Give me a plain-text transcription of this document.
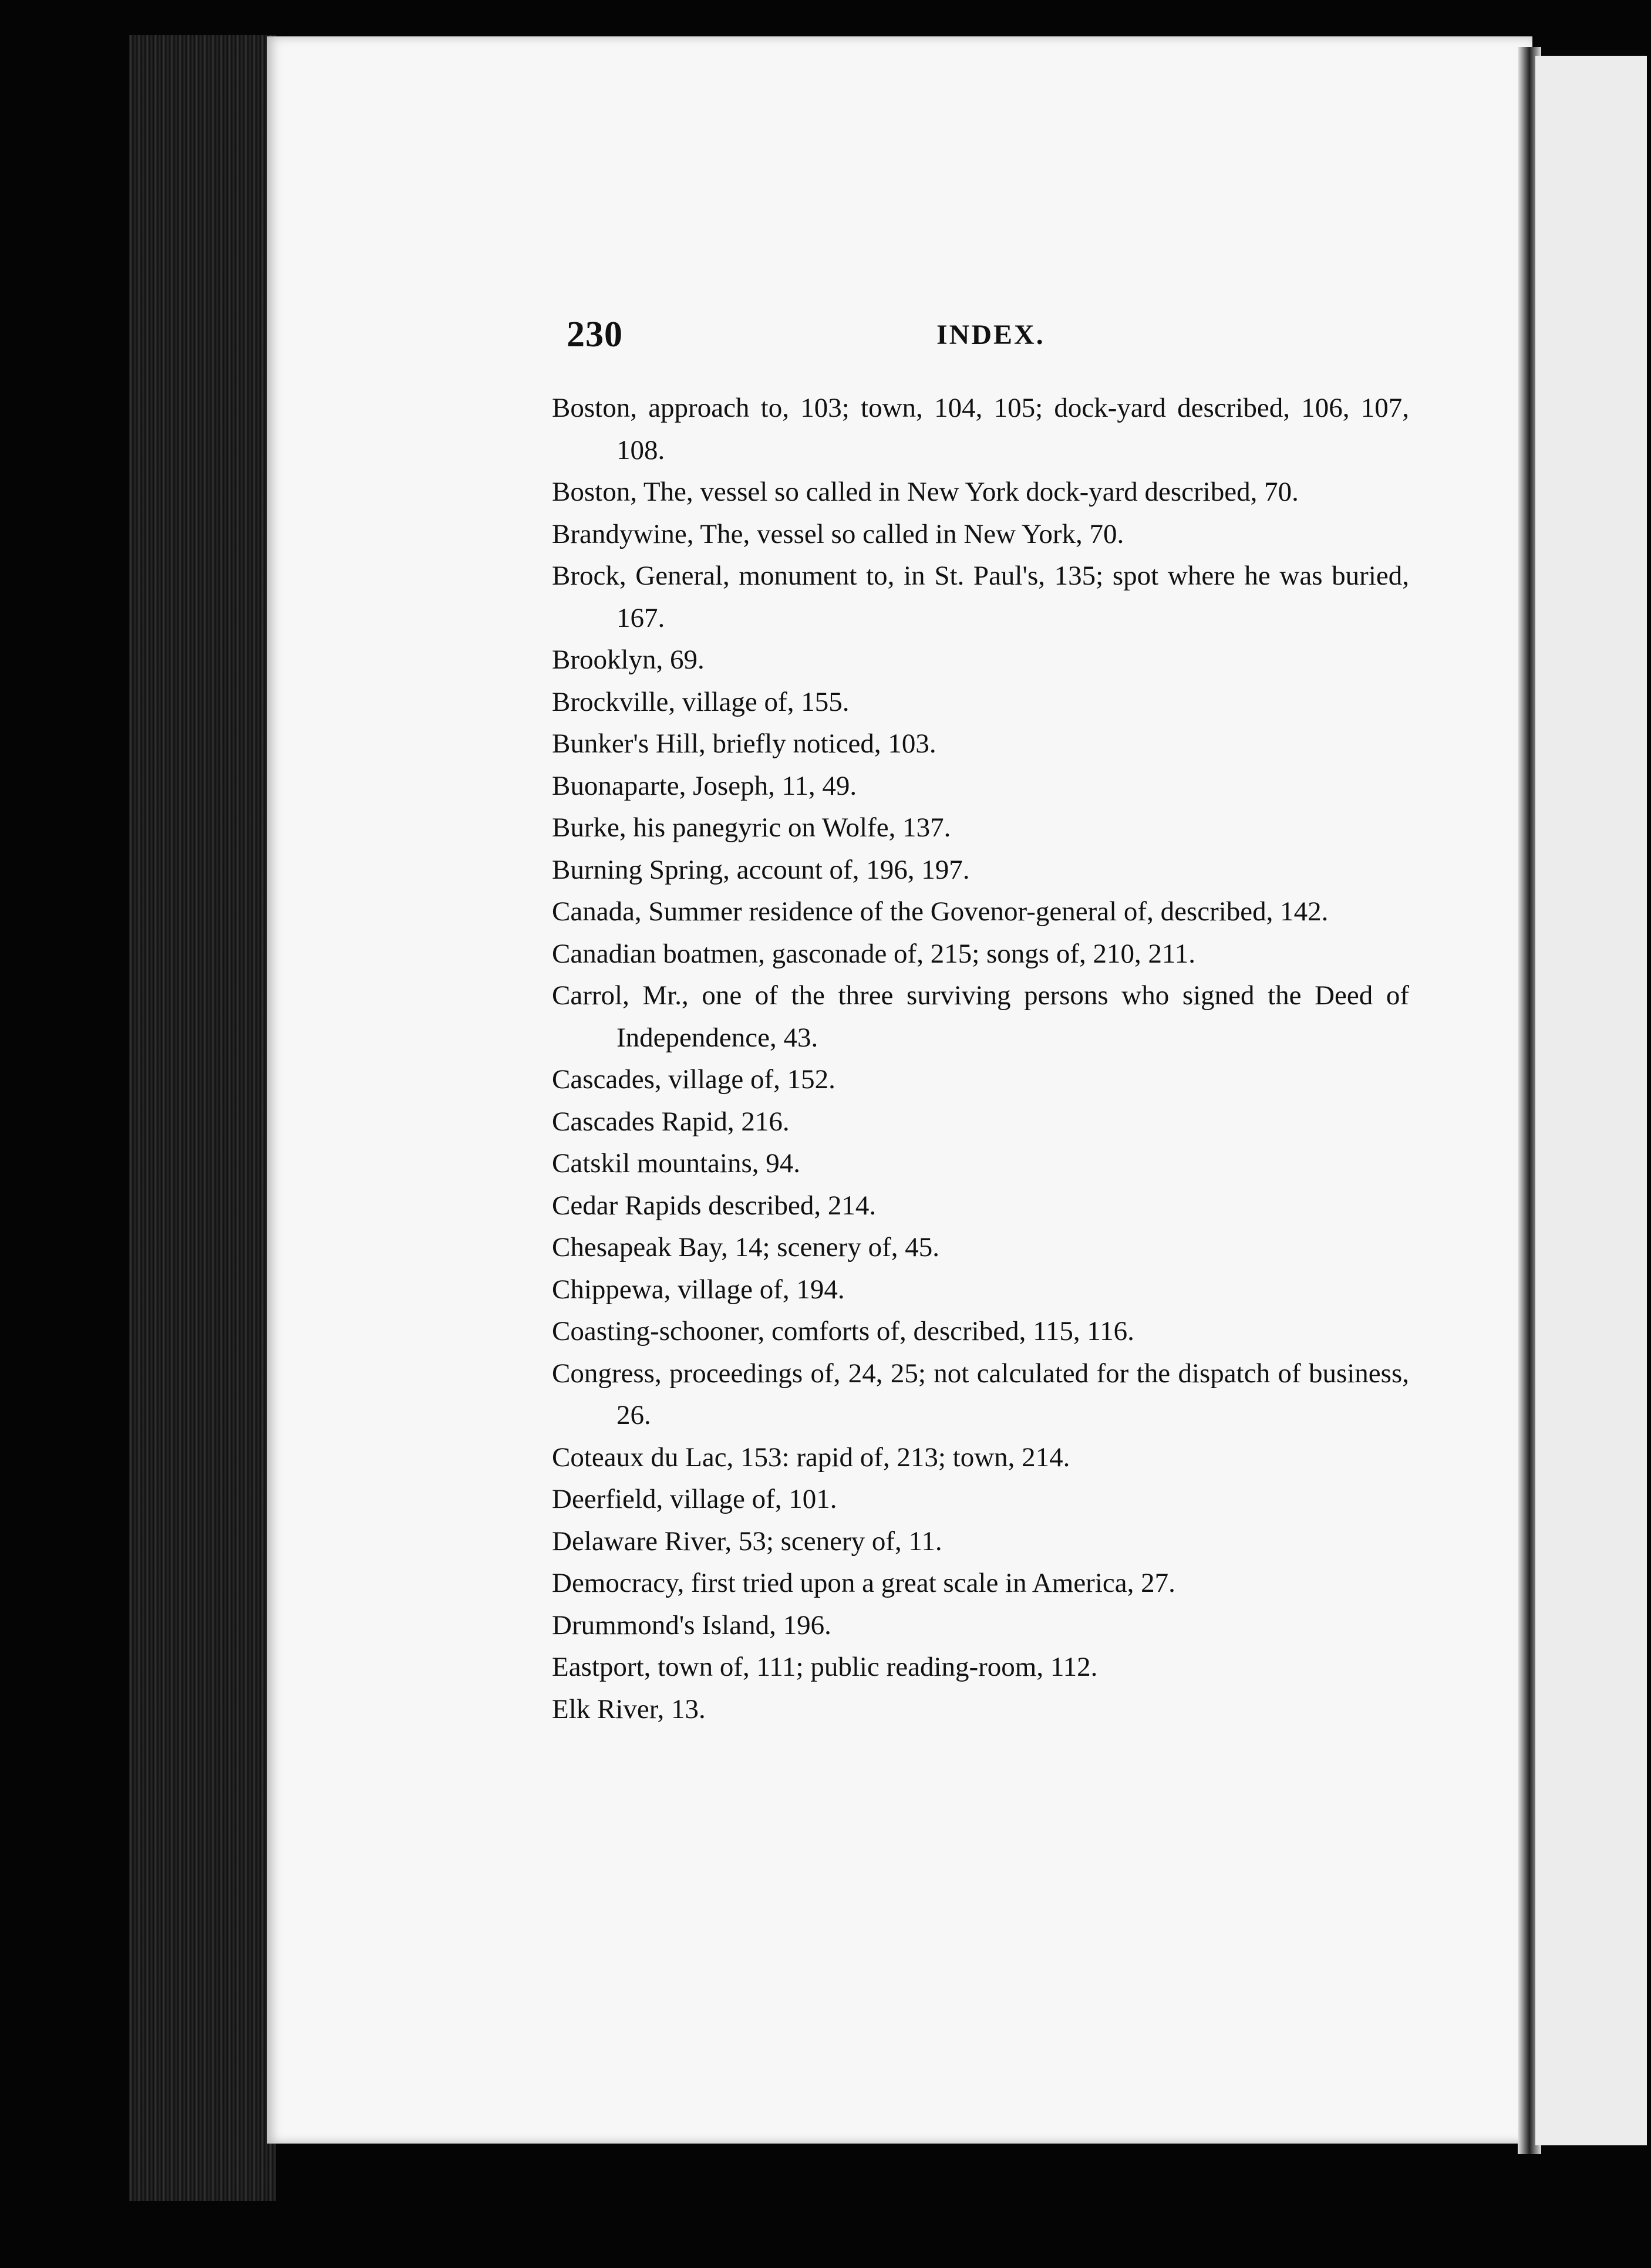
230	INDEX.
Boston, approach to, 103; town, 104, 105; dock-yard described, 106, 107, 108.
Boston, The, vessel so called in New York dock-yard described, 70.
Brandywine, The, vessel so called in New York, 70.
Brock, General, monument to, in St. Paul's, 135; spot where he was buried, 167.
Brooklyn, 69.
Brockville, village of, 155.
Bunker's Hill, briefly noticed, 103.
Buonaparte, Joseph, 11, 49.
Burke, his panegyric on Wolfe, 137.
Burning Spring, account of, 196, 197.
Canada, Summer residence of the Govenor-general of, described, 142.
Canadian boatmen, gasconade of, 215; songs of, 210, 211.
Carrol, Mr., one of the three surviving persons who signed the Deed of Independence, 43.
Cascades, village of, 152.
Cascades Rapid, 216.
Catskil mountains, 94.
Cedar Rapids described, 214.
Chesapeak Bay, 14; scenery of, 45.
Chippewa, village of, 194.
Coasting-schooner, comforts of, described, 115, 116.
Congress, proceedings of, 24, 25; not calculated for the dispatch of business, 26.
Coteaux du Lac, 153: rapid of, 213; town, 214.
Deerfield, village of, 101.
Delaware River, 53; scenery of, 11.
Democracy, first tried upon a great scale in America, 27.
Drummond's Island, 196.
Eastport, town of, 111; public reading-room, 112.
Elk River, 13.
